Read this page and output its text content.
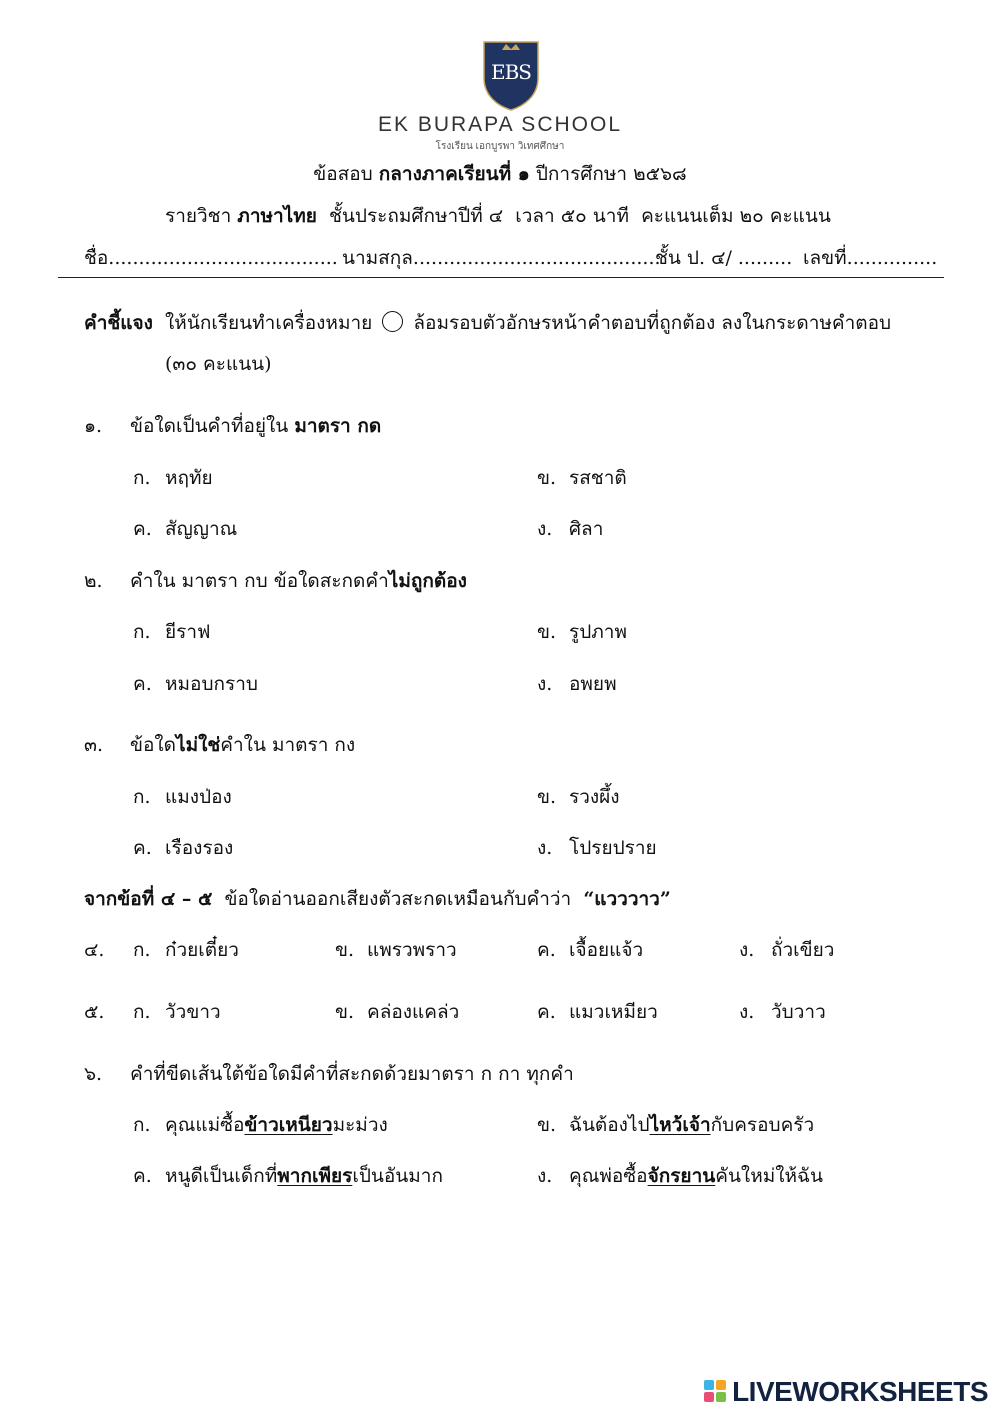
EBS
EK BURAPA SCHOOL
โรงเรียน เอกบูรพา วิเทศศึกษา
ข้อสอบ กลางภาคเรียนที่ ๑ ปีการศึกษา ๒๕๖๘
รายวิชา ภาษาไทย ชั้นประถมศึกษาปีที่ ๔ เวลา ๕๐ นาที คะแนนเต็ม ๒๐ คะแนน
ชื่อ...................................... นามสกุล.........................................
ชั้น ป. ๔/ ......... เลขที่...............
คำชี้แจง ให้นักเรียนทำเครื่องหมาย ○ ล้อมรอบตัวอักษรหน้าคำตอบที่ถูกต้อง ลงในกระดาษคำตอบ
(๓๐ คะแนน)
๑. ข้อใดเป็นคำที่อยู่ใน มาตรา กด
ก. หฤทัย	ข. รสชาติ
ค. สัญญาณ	ง. ศิลา
๒. คำใน มาตรา กบ ข้อใดสะกดคำไม่ถูกต้อง
ก. ยีราฟ	ข. รูปภาพ
ค. หมอบกราบ	ง. อพยพ
๓. ข้อใดไม่ใช่คำใน มาตรา กง
ก. แมงป่อง	ข. รวงผึ้ง
ค. เรืองรอง	ง. โปรยปราย
จากข้อที่ ๔ – ๕ ข้อใดอ่านออกเสียงตัวสะกดเหมือนกับคำว่า “แวววาว”
๔. ก. ก๋วยเตี๋ยว	ข. แพรวพราว	ค. เจื้อยแจ้ว	ง. ถั่วเขียว
๕. ก. วัวขาว	ข. คล่องแคล่ว	ค. แมวเหมียว	ง. วับวาว
๖. คำที่ขีดเส้นใต้ข้อใดมีคำที่สะกดด้วยมาตรา ก กา ทุกคำ
ก. คุณแม่ซื้อข้าวเหนียวมะม่วง	ข. ฉันต้องไปไหว้เจ้ากับครอบครัว
ค. หนูดีเป็นเด็กที่พากเพียรเป็นอันมาก	ง. คุณพ่อซื้อจักรยานคันใหม่ให้ฉัน
LIVEWORKSHEETS
